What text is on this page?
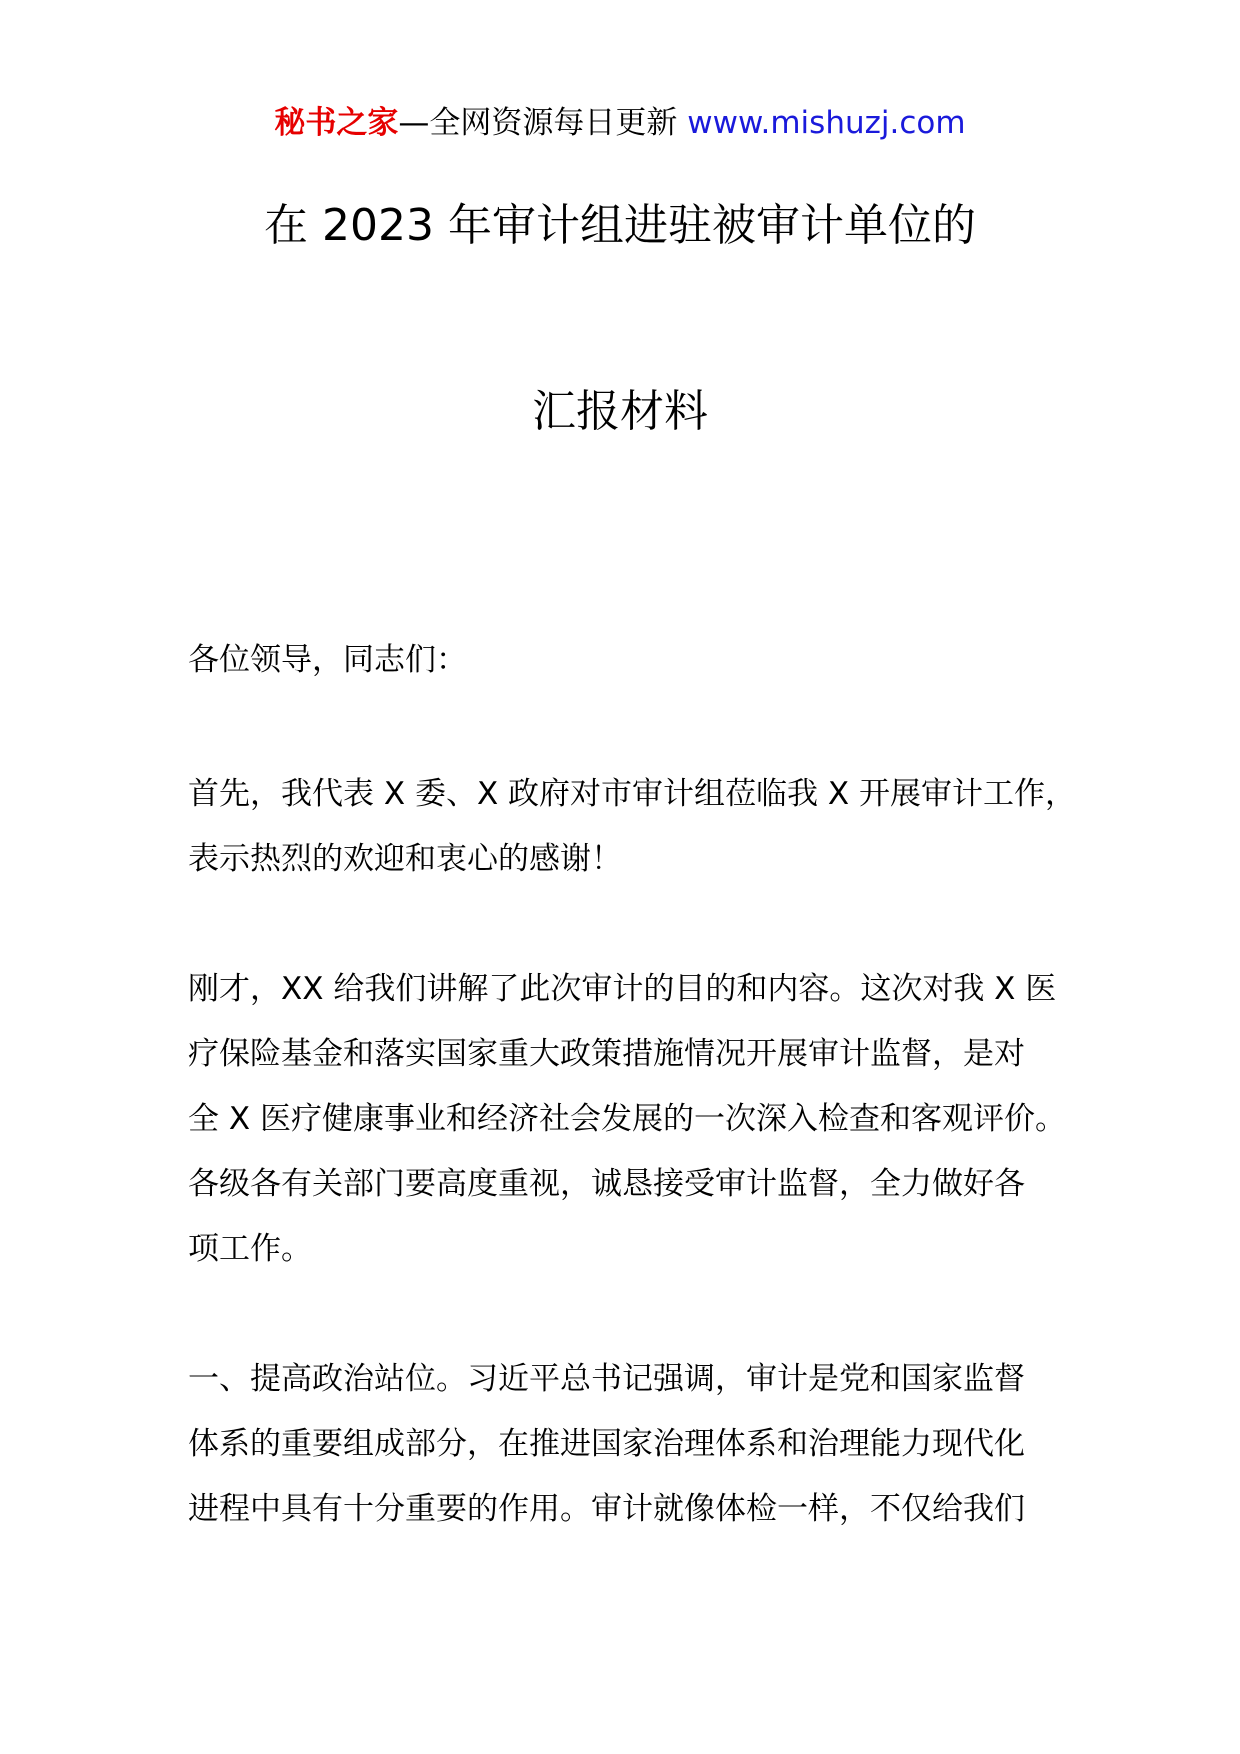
秘书之家—全网资源每日更新 www.mishuzj.com
在 2023 年审计组进驻被审计单位的
汇报材料
各位领导，同志们：
首先，我代表 X 委、X 政府对市审计组莅临我 X 开展审计工作，
表示热烈的欢迎和衷心的感谢！
刚才，XX 给我们讲解了此次审计的目的和内容。这次对我 X 医
疗保险基金和落实国家重大政策措施情况开展审计监督，是对
全 X 医疗健康事业和经济社会发展的一次深入检查和客观评价。
各级各有关部门要高度重视，诚恳接受审计监督，全力做好各
项工作。
一、提高政治站位。习近平总书记强调，审计是党和国家监督
体系的重要组成部分，在推进国家治理体系和治理能力现代化
进程中具有十分重要的作用。审计就像体检一样，不仅给我们
